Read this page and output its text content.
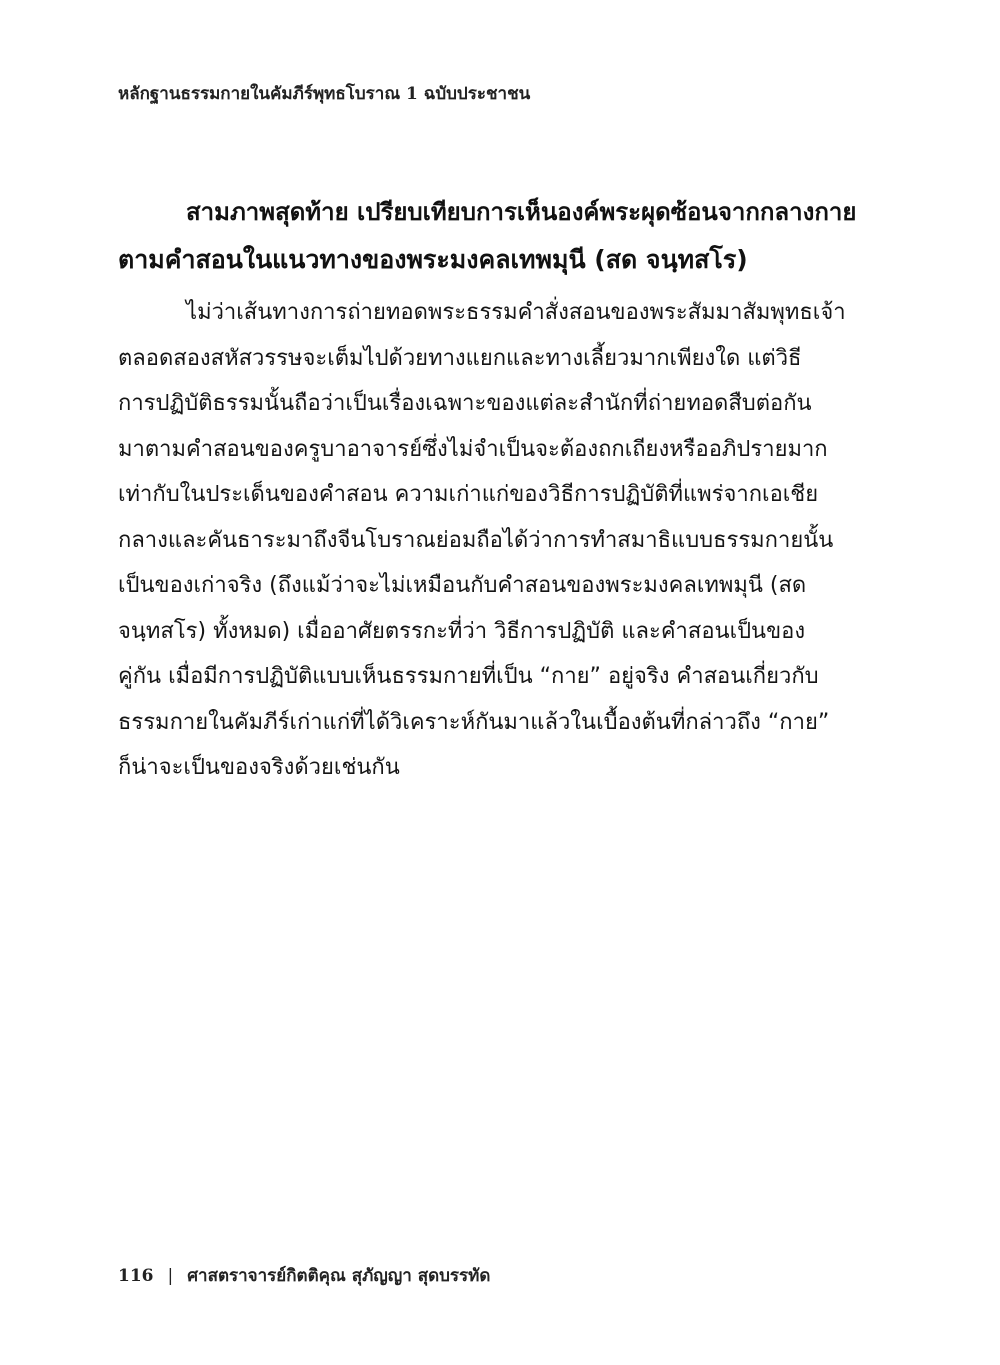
หลักฐานธรรมกายในคัมภีร์พุทธโบราณ 1 ฉบับประชาชน
สามภาพสุดท้าย เปรียบเทียบการเห็นองค์พระผุดซ้อนจากกลางกาย
ตามคำสอนในแนวทางของพระมงคลเทพมุนี (สด จนฺทสโร)
ไม่ว่าเส้นทางการถ่ายทอดพระธรรมคำสั่งสอนของพระสัมมาสัมพุทธเจ้า
ตลอดสองสหัสวรรษจะเต็มไปด้วยทางแยกและทางเลี้ยวมากเพียงใด แต่วิธี
การปฏิบัติธรรมนั้นถือว่าเป็นเรื่องเฉพาะของแต่ละสำนักที่ถ่ายทอดสืบต่อกัน
มาตามคำสอนของครูบาอาจารย์ซึ่งไม่จำเป็นจะต้องถกเถียงหรืออภิปรายมาก
เท่ากับในประเด็นของคำสอน ความเก่าแก่ของวิธีการปฏิบัติที่แพร่จากเอเชีย
กลางและคันธาระมาถึงจีนโบราณย่อมถือได้ว่าการทำสมาธิแบบธรรมกายนั้น
เป็นของเก่าจริง (ถึงแม้ว่าจะไม่เหมือนกับคำสอนของพระมงคลเทพมุนี (สด
จนฺทสโร) ทั้งหมด) เมื่ออาศัยตรรกะที่ว่า วิธีการปฏิบัติ และคำสอนเป็นของ
คู่กัน เมื่อมีการปฏิบัติแบบเห็นธรรมกายที่เป็น “กาย” อยู่จริง คำสอนเกี่ยวกับ
ธรรมกายในคัมภีร์เก่าแก่ที่ได้วิเคราะห์กันมาแล้วในเบื้องต้นที่กล่าวถึง “กาย”
ก็น่าจะเป็นของจริงด้วยเช่นกัน
116 | ศาสตราจารย์กิตติคุณ สุภัญญา สุดบรรทัด
